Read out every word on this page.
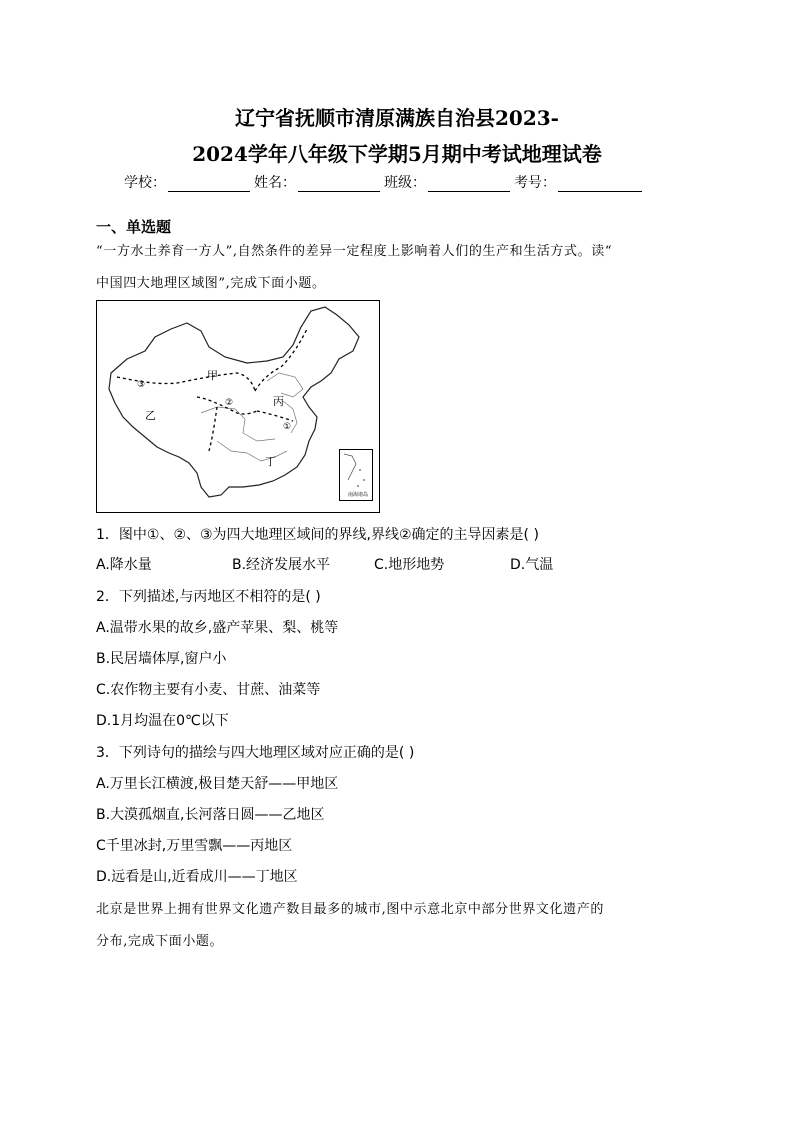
辽宁省抚顺市清原满族自治县2023-
2024学年八年级下学期5月期中考试地理试卷
学校：	姓名：	班级：	考号：
一、单选题
“一方水土养育一方人”,自然条件的差异一定程度上影响着人们的生产和生活方式。读“
中国四大地理区域图”,完成下面小题。
甲
乙
丙
丁
①
②
③
南海诸岛
1．图中①、②、③为四大地理区域间的界线,界线②确定的主导因素是( )
A.降水量	B.经济发展水平	C.地形地势	D.气温
2．下列描述,与丙地区不相符的是( )
A.温带水果的故乡,盛产苹果、梨、桃等
B.民居墙体厚,窗户小
C.农作物主要有小麦、甘蔗、油菜等
D.1月均温在0℃以下
3．下列诗句的描绘与四大地理区域对应正确的是( )
A.万里长江横渡,极目楚天舒——甲地区
B.大漠孤烟直,长河落日圆——乙地区
C千里冰封,万里雪飘——丙地区
D.远看是山,近看成川——丁地区
北京是世界上拥有世界文化遗产数目最多的城市,图中示意北京中部分世界文化遗产的
分布,完成下面小题。
